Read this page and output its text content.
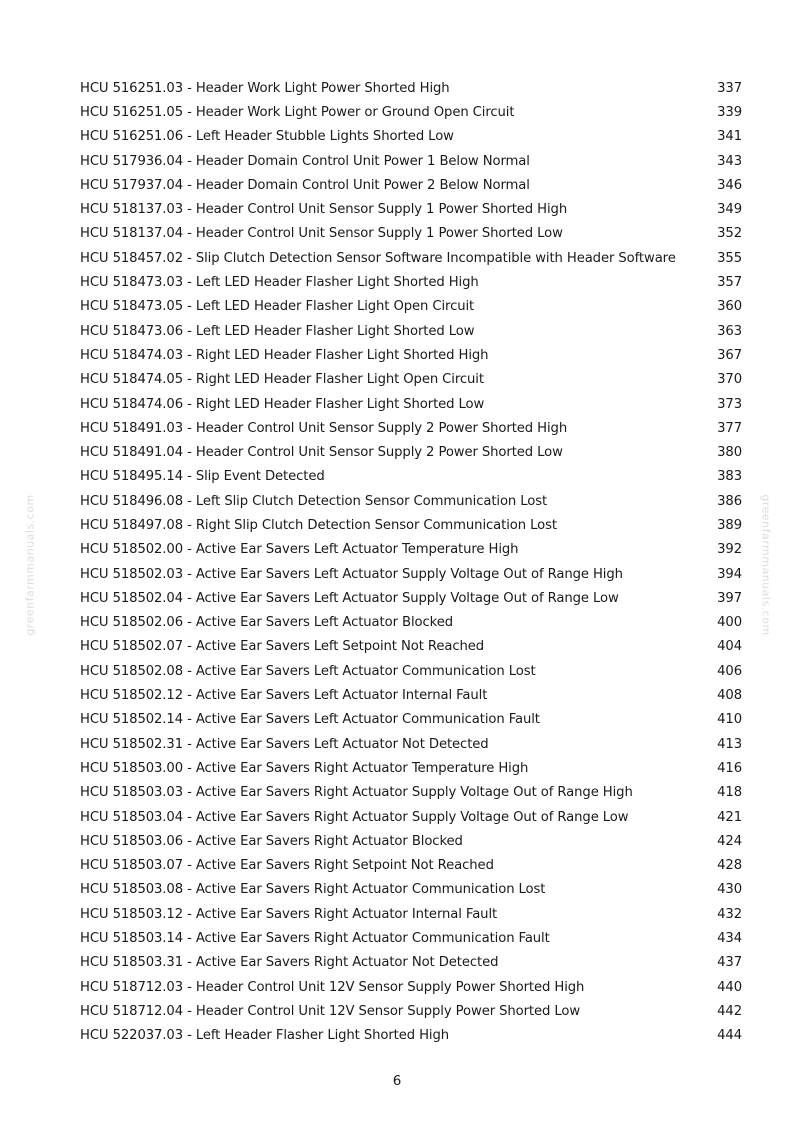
greenfarmmanuals.com	greenfarmmanuals.com
HCU 516251.03 - Header Work Light Power Shorted High	337
HCU 516251.05 - Header Work Light Power or Ground Open Circuit	339
HCU 516251.06 - Left Header Stubble Lights Shorted Low	341
HCU 517936.04 - Header Domain Control Unit Power 1 Below Normal	343
HCU 517937.04 - Header Domain Control Unit Power 2 Below Normal	346
HCU 518137.03 - Header Control Unit Sensor Supply 1 Power Shorted High	349
HCU 518137.04 - Header Control Unit Sensor Supply 1 Power Shorted Low	352
HCU 518457.02 - Slip Clutch Detection Sensor Software Incompatible with Header Software	355
HCU 518473.03 - Left LED Header Flasher Light Shorted High	357
HCU 518473.05 - Left LED Header Flasher Light Open Circuit	360
HCU 518473.06 - Left LED Header Flasher Light Shorted Low	363
HCU 518474.03 - Right LED Header Flasher Light Shorted High	367
HCU 518474.05 - Right LED Header Flasher Light Open Circuit	370
HCU 518474.06 - Right LED Header Flasher Light Shorted Low	373
HCU 518491.03 - Header Control Unit Sensor Supply 2 Power Shorted High	377
HCU 518491.04 - Header Control Unit Sensor Supply 2 Power Shorted Low	380
HCU 518495.14 - Slip Event Detected	383
HCU 518496.08 - Left Slip Clutch Detection Sensor Communication Lost	386
HCU 518497.08 - Right Slip Clutch Detection Sensor Communication Lost	389
HCU 518502.00 - Active Ear Savers Left Actuator Temperature High	392
HCU 518502.03 - Active Ear Savers Left Actuator Supply Voltage Out of Range High	394
HCU 518502.04 - Active Ear Savers Left Actuator Supply Voltage Out of Range Low	397
HCU 518502.06 - Active Ear Savers Left Actuator Blocked	400
HCU 518502.07 - Active Ear Savers Left Setpoint Not Reached	404
HCU 518502.08 - Active Ear Savers Left Actuator Communication Lost	406
HCU 518502.12 - Active Ear Savers Left Actuator Internal Fault	408
HCU 518502.14 - Active Ear Savers Left Actuator Communication Fault	410
HCU 518502.31 - Active Ear Savers Left Actuator Not Detected	413
HCU 518503.00 - Active Ear Savers Right Actuator Temperature High	416
HCU 518503.03 - Active Ear Savers Right Actuator Supply Voltage Out of Range High	418
HCU 518503.04 - Active Ear Savers Right Actuator Supply Voltage Out of Range Low	421
HCU 518503.06 - Active Ear Savers Right Actuator Blocked	424
HCU 518503.07 - Active Ear Savers Right Setpoint Not Reached	428
HCU 518503.08 - Active Ear Savers Right Actuator Communication Lost	430
HCU 518503.12 - Active Ear Savers Right Actuator Internal Fault	432
HCU 518503.14 - Active Ear Savers Right Actuator Communication Fault	434
HCU 518503.31 - Active Ear Savers Right Actuator Not Detected	437
HCU 518712.03 - Header Control Unit 12V Sensor Supply Power Shorted High	440
HCU 518712.04 - Header Control Unit 12V Sensor Supply Power Shorted Low	442
HCU 522037.03 - Left Header Flasher Light Shorted High	444
6
